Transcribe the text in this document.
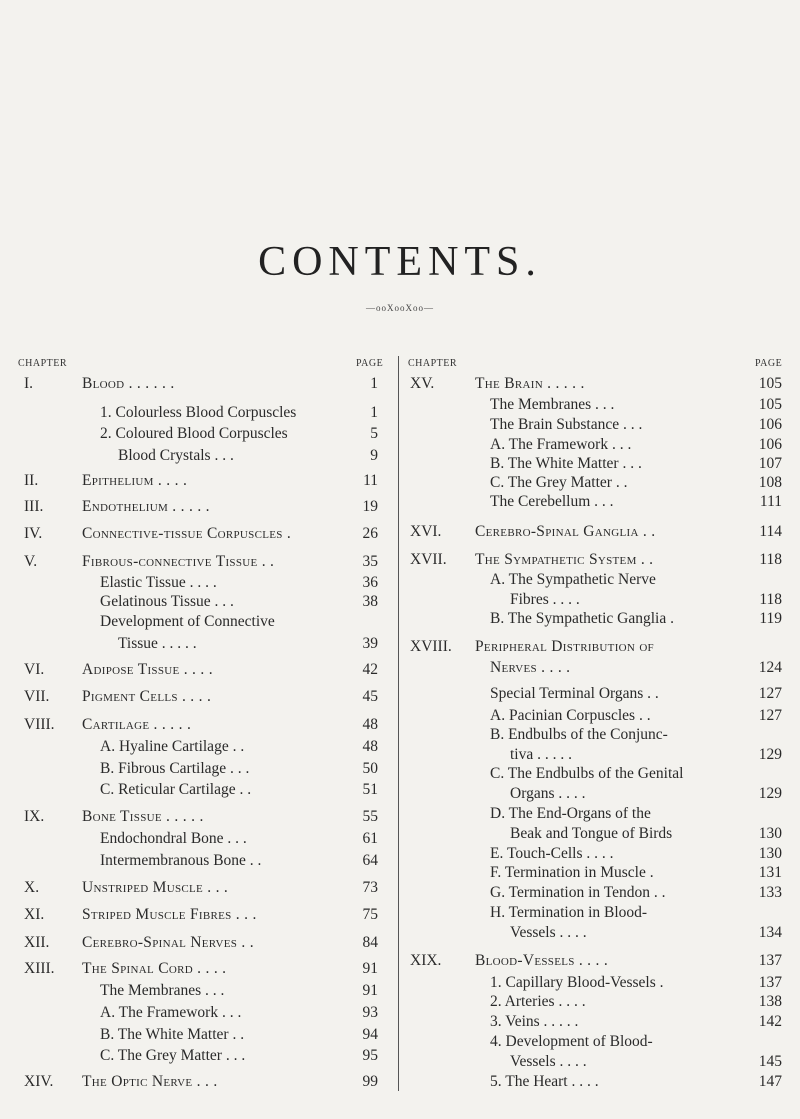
CONTENTS.
—ooXooXoo—
CHAPTER	PAGE CHAPTER	PAGE
I.	Blood . . . . . .	1
1. Colourless Blood Corpuscles	1
2. Coloured Blood Corpuscles	5
Blood Crystals . . .	9
II.	Epithelium . . . .	11
III. Endothelium . . . . .	19
IV.	Connective-tissue Corpuscles .	26
V.	Fibrous-connective Tissue . .	35
Elastic Tissue . . . .	36
Gelatinous Tissue . . .	38
Development of Connective
Tissue . . . . .	39
VI. Adipose Tissue . . . .	42
VII. Pigment Cells . . . .	45
VIII. Cartilage . . . . .	48
A. Hyaline Cartilage . .	48
B. Fibrous Cartilage . . .	50
C. Reticular Cartilage . .	51
IX. Bone Tissue . . . . .	55
Endochondral Bone . . .	61
Intermembranous Bone . .	64
X.	Unstriped Muscle . . .	73
XI. Striped Muscle Fibres . . .	75
XII. Cerebro-Spinal Nerves . .	84
XIII. The Spinal Cord . . . .	91
The Membranes . . .	91
A. The Framework . . .	93
B. The White Matter . .	94
C. The Grey Matter . . .	95
XIV. The Optic Nerve . . .	99
XV.	The Brain . . . . .	105
The Membranes . . .	105
The Brain Substance . . .	106
A. The Framework . . .	106
B. The White Matter . . .	107
C. The Grey Matter . .	108
The Cerebellum . . .	111
XVI. Cerebro-Spinal Ganglia . .	114
XVII. The Sympathetic System . .	118
A. The Sympathetic Nerve
Fibres . . . .	118
B. The Sympathetic Ganglia .	119
XVIII. Peripheral Distribution of
Nerves . . . .	124
Special Terminal Organs . .	127
A. Pacinian Corpuscles . .	127
B. Endbulbs of the Conjunc-
tiva . . . . .	129
C. The Endbulbs of the Genital
Organs . . . .	129
D. The End-Organs of the
Beak and Tongue of Birds	130
E. Touch-Cells . . . .	130
F. Termination in Muscle .	131
G. Termination in Tendon . .	133
H. Termination in Blood-
Vessels . . . .	134
XIX. Blood-Vessels . . . .	137
1. Capillary Blood-Vessels .	137
2. Arteries . . . .	138
3. Veins . . . . .	142
4. Development of Blood-
Vessels . . . .	145
5. The Heart . . . .	147
